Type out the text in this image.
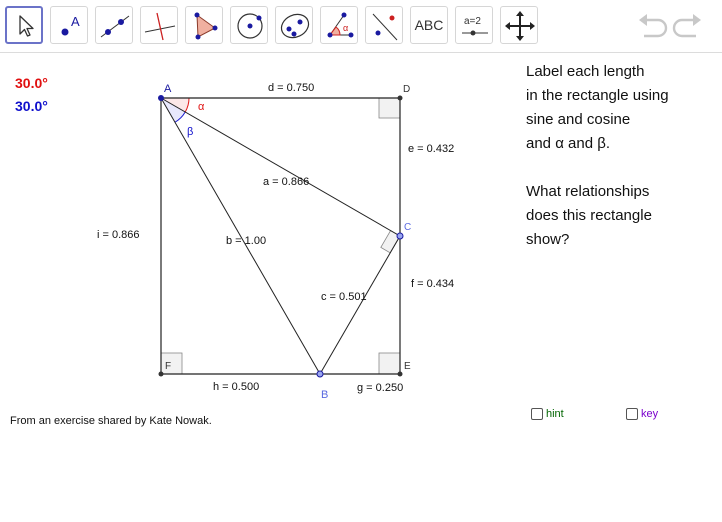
A	α	ABC	a=2
30.0°
30.0°
A	D
C
B
E
F
α
β
d = 0.750
e = 0.432
a = 0.866
i = 0.866	b = 1.00
f = 0.434
c = 0.501
h = 0.500	g = 0.250

Label each length

in the rectangle using

sine and cosine

and α and β.

What relationships

does this rectangle

show?

From an exercise shared by Kate Nowak.
hint	key
